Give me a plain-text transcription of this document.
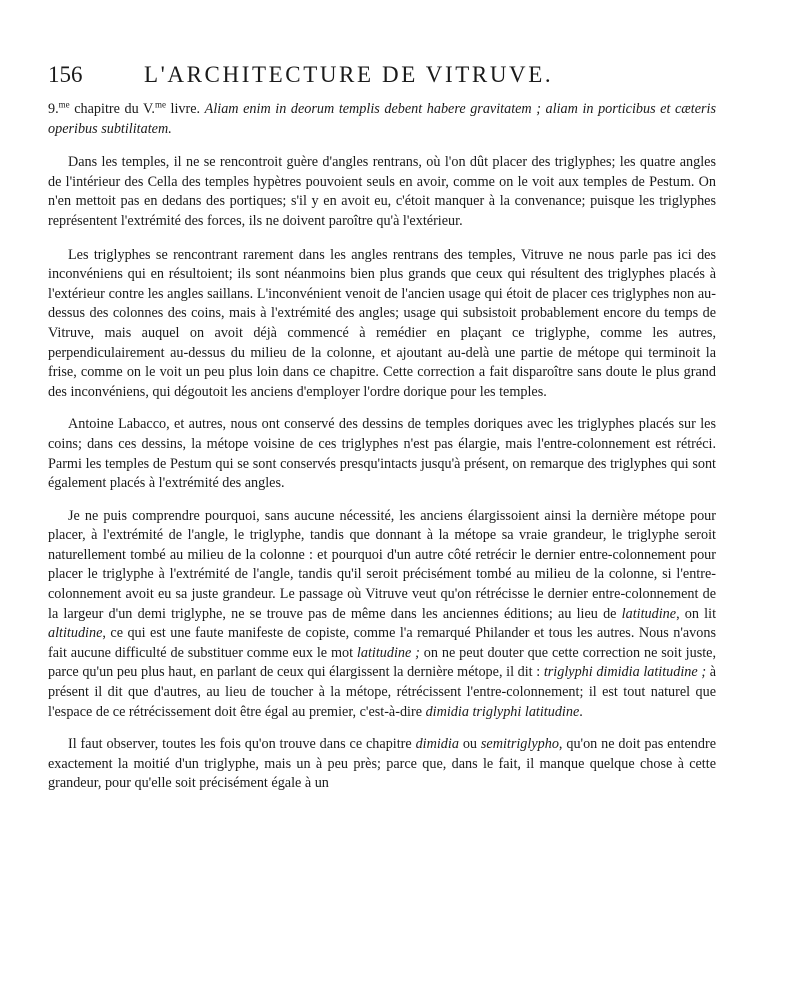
156	L'ARCHITECTURE DE VITRUVE.

9.$^{me}$ chapitre du V.$^{me}$ livre. Aliam enim in deorum templis debent habere gravitatem ; aliam in porticibus et cæteris operibus subtilitatem.

Dans les temples, il ne se rencontroit guère d'angles rentrans, où l'on dût placer des triglyphes; les quatre angles de l'intérieur des Cella des temples hypètres pouvoient seuls en avoir, comme on le voit aux temples de Pestum. On n'en mettoit pas en dedans des portiques; s'il y en avoit eu, c'étoit manquer à la convenance; puisque les triglyphes représentent l'extrémité des forces, ils ne doivent paroître qu'à l'extérieur.

Les triglyphes se rencontrant rarement dans les angles rentrans des temples, Vitruve ne nous parle pas ici des inconvéniens qui en résultoient; ils sont néanmoins bien plus grands que ceux qui résultent des triglyphes placés à l'extérieur contre les angles saillans. L'inconvénient venoit de l'ancien usage qui étoit de placer ces triglyphes non au-dessus des colonnes des coins, mais à l'extrémité des angles; usage qui subsistoit probablement encore du temps de Vitruve, mais auquel on avoit déjà commencé à remédier en plaçant ce triglyphe, comme les autres, perpendiculairement au-dessus du milieu de la colonne, et ajoutant au-delà une partie de métope qui terminoit la frise, comme on le voit un peu plus loin dans ce chapitre. Cette correction a fait disparoître sans doute le plus grand des inconvéniens, qui dégoutoit les anciens d'employer l'ordre dorique pour les temples.

Antoine Labacco, et autres, nous ont conservé des dessins de temples doriques avec les triglyphes placés sur les coins; dans ces dessins, la métope voisine de ces triglyphes n'est pas élargie, mais l'entre-colonnement est rétréci. Parmi les temples de Pestum qui se sont conservés presqu'intacts jusqu'à présent, on remarque des triglyphes qui sont également placés à l'extrémité des angles.

Je ne puis comprendre pourquoi, sans aucune nécessité, les anciens élargissoient ainsi la dernière métope pour placer, à l'extrémité de l'angle, le triglyphe, tandis que donnant à la métope sa vraie grandeur, le triglyphe seroit naturellement tombé au milieu de la colonne : et pourquoi d'un autre côté retrécir le dernier entre-colonnement pour placer le triglyphe à l'extrémité de l'angle, tandis qu'il seroit précisément tombé au milieu de la colonne, si l'entre-colonnement avoit eu sa juste grandeur. Le passage où Vitruve veut qu'on rétrécisse le dernier entre-colonnement de la largeur d'un demi triglyphe, ne se trouve pas de même dans les anciennes éditions; au lieu de latitudine, on lit altitudine, ce qui est une faute manifeste de copiste, comme l'a remarqué Philander et tous les autres. Nous n'avons fait aucune difficulté de substituer comme eux le mot latitudine ; on ne peut douter que cette correction ne soit juste, parce qu'un peu plus haut, en parlant de ceux qui élargissent la dernière métope, il dit : triglyphi dimidia latitudine ; à présent il dit que d'autres, au lieu de toucher à la métope, rétrécissent l'entre-colonnement; il est tout naturel que l'espace de ce rétrécissement doit être égal au premier, c'est-à-dire dimidia triglyphi latitudine.

Il faut observer, toutes les fois qu'on trouve dans ce chapitre dimidia ou semitriglypho, qu'on ne doit pas entendre exactement la moitié d'un triglyphe, mais un à peu près; parce que, dans le fait, il manque quelque chose à cette grandeur, pour qu'elle soit précisément égale à un
